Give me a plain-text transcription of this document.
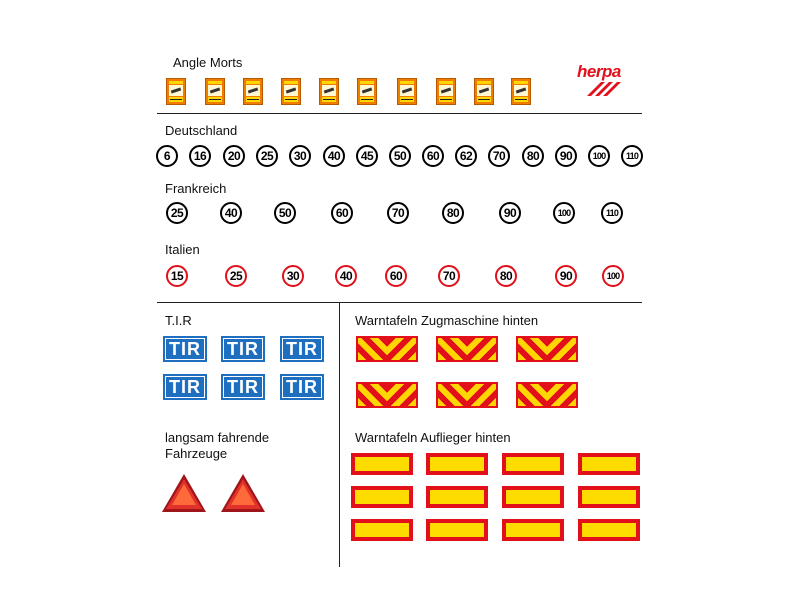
herpa
Angle Morts
Deutschland
6	16	20	25	30	40	45	50	60	62	70	80	90	100	110
Frankreich
25	40	50	60	70	80	90	100	110
Italien
15	25	30	40	60	70	80	90	100
T.I.R
TIR TIR TIR
TIR TIR TIR
langsam fahrende
Fahrzeuge
Warntafeln Zugmaschine hinten
Warntafeln Auflieger hinten
